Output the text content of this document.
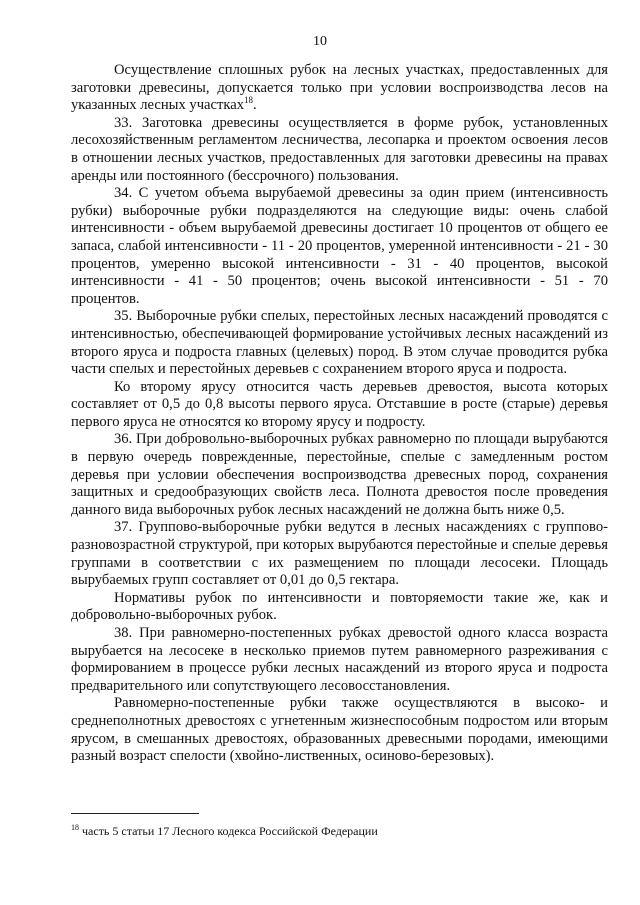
10

Осуществление сплошных рубок на лесных участках, предоставленных для заготовки древесины, допускается только при условии воспроизводства лесов на указанных лесных участках$^{18}$.

33. Заготовка древесины осуществляется в форме рубок, установленных лесохозяйственным регламентом лесничества, лесопарка и проектом освоения лесов в отношении лесных участков, предоставленных для заготовки древесины на правах аренды или постоянного (бессрочного) пользования.

34. С учетом объема вырубаемой древесины за один прием (интенсивность рубки) выборочные рубки подразделяются на следующие виды: очень слабой интенсивности - объем вырубаемой древесины достигает 10 процентов от общего ее запаса, слабой интенсивности - 11 - 20 процентов, умеренной интенсивности - 21 - 30 процентов, умеренно высокой интенсивности - 31 - 40 процентов, высокой интенсивности - 41 - 50 процентов; очень высокой интенсивности - 51 - 70 процентов.

35. Выборочные рубки спелых, перестойных лесных насаждений проводятся с интенсивностью, обеспечивающей формирование устойчивых лесных насаждений из второго яруса и подроста главных (целевых) пород. В этом случае проводится рубка части спелых и перестойных деревьев с сохранением второго яруса и подроста.

Ко второму ярусу относится часть деревьев древостоя, высота которых составляет от 0,5 до 0,8 высоты первого яруса. Отставшие в росте (старые) деревья первого яруса не относятся ко второму ярусу и подросту.

36. При добровольно-выборочных рубках равномерно по площади вырубаются в первую очередь поврежденные, перестойные, спелые с замедленным ростом деревья при условии обеспечения воспроизводства древесных пород, сохранения защитных и средообразующих свойств леса. Полнота древостоя после проведения данного вида выборочных рубок лесных насаждений не должна быть ниже 0,5.

37. Группово-выборочные рубки ведутся в лесных насаждениях с группово-разновозрастной структурой, при которых вырубаются перестойные и спелые деревья группами в соответствии с их размещением по площади лесосеки. Площадь вырубаемых групп составляет от 0,01 до 0,5 гектара.

Нормативы рубок по интенсивности и повторяемости такие же, как и добровольно-выборочных рубок.

38. При равномерно-постепенных рубках древостой одного класса возраста вырубается на лесосеке в несколько приемов путем равномерного разреживания с формированием в процессе рубки лесных насаждений из второго яруса и подроста предварительного или сопутствующего лесовосстановления.

Равномерно-постепенные рубки также осуществляются в высоко- и среднеполнотных древостоях с угнетенным жизнеспособным подростом или вторым ярусом, в смешанных древостоях, образованных древесными породами, имеющими разный возраст спелости (хвойно-лиственных, осиново-березовых).

$^{18}$ часть 5 статьи 17 Лесного кодекса Российской Федерации
